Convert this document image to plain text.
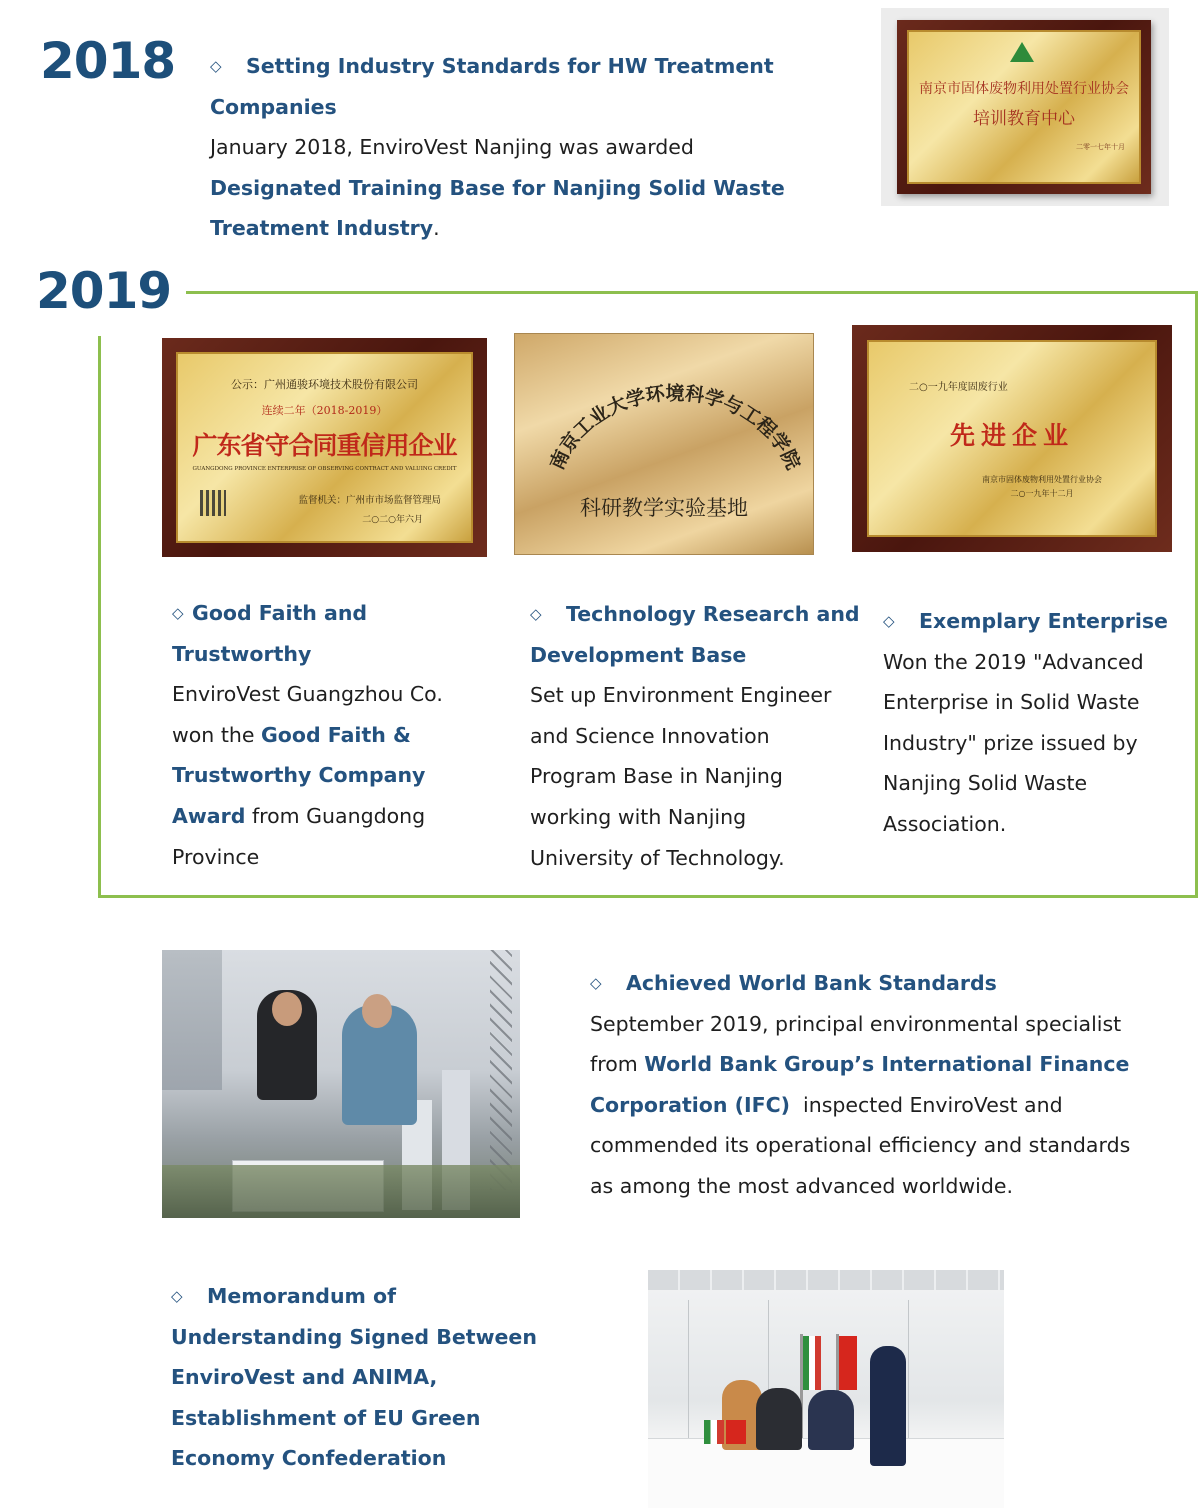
2018 ◇ Setting Industry Standards for HW Treatment
Companies
January 2018, EnviroVest Nanjing was awarded
Designated Training Base for Nanjing Solid Waste
Treatment Industry.
南京市固体废物利用处置行业协会
培训教育中心
二零一七年十月
2019
公示：广州通骏环境技术股份有限公司
连续二年（2018-2019）
广东省守合同重信用企业
GUANGDONG PROVINCE ENTERPRISE OF OBSERVING CONTRACT AND VALUING CREDIT
监督机关：广州市市场监督管理局
二○二○年六月
南京工业大学环境科学与工程学院
科研教学实验基地
二○一九年度固废行业
先进企业
南京市固体废物利用处置行业协会
二○一九年十二月
◇ Good Faith and
Trustworthy
EnviroVest Guangzhou Co.
won the Good Faith &
Trustworthy Company
Award from Guangdong
Province
◇ Technology Research and
Development Base
Set up Environment Engineer
and Science Innovation
Program Base in Nanjing
working with Nanjing
University of Technology.
◇ Exemplary Enterprise
Won the 2019 "Advanced
Enterprise in Solid Waste
Industry" prize issued by
Nanjing Solid Waste
Association.
◇ Achieved World Bank Standards
September 2019, principal environmental specialist
from World Bank Group’s International Finance
Corporation (IFC)  inspected EnviroVest and
commended its operational efficiency and standards
as among the most advanced worldwide.
◇ Memorandum of
Understanding Signed Between
EnviroVest and ANIMA,
Establishment of EU Green
Economy Confederation
